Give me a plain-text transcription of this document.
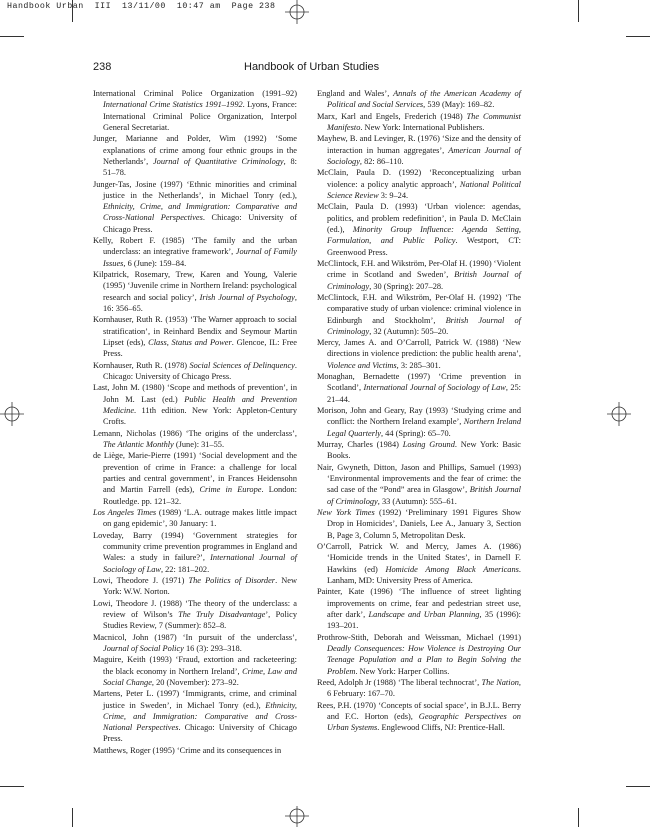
Handbook Urban  III  13/11/00  10:47 am  Page 238
238	Handbook of Urban Studies

International Criminal Police Organization (1991–92) International Crime Statistics 1991–1992. Lyons, France: International Criminal Police Organization, Interpol General Secretariat.

Junger, Marianne and Polder, Wim (1992) ‘Some explanations of crime among four ethnic groups in the Netherlands’, Journal of Quantitative Criminology, 8: 51–78.

Junger-Tas, Josine (1997) ‘Ethnic minorities and criminal justice in the Netherlands’, in Michael Tonry (ed.), Ethnicity, Crime, and Immigration: Comparative and Cross-National Perspectives. Chicago: University of Chicago Press.

Kelly, Robert F. (1985) ‘The family and the urban underclass: an integrative framework’, Journal of Family Issues, 6 (June): 159–84.

Kilpatrick, Rosemary, Trew, Karen and Young, Valerie (1995) ‘Juvenile crime in Northern Ireland: psychological research and social policy’, Irish Journal of Psychology, 16: 356–65.

Kornhauser, Ruth R. (1953) ‘The Warner approach to social stratification’, in Reinhard Bendix and Seymour Martin Lipset (eds), Class, Status and Power. Glencoe, IL: Free Press.

Kornhauser, Ruth R. (1978) Social Sciences of Delinquency. Chicago: University of Chicago Press.

Last, John M. (1980) ‘Scope and methods of prevention’, in John M. Last (ed.) Public Health and Prevention Medicine. 11th edition. New York: Appleton-Century Crofts.

Lemann, Nicholas (1986) ‘The origins of the underclass’, The Atlantic Monthly (June): 31–55.

de Liège, Marie-Pierre (1991) ‘Social development and the prevention of crime in France: a challenge for local parties and central government’, in Frances Heidensohn and Martin Farrell (eds), Crime in Europe. London: Routledge. pp. 121–32.

Los Angeles Times (1989) ‘L.A. outrage makes little impact on gang epidemic’, 30 January: 1.

Loveday, Barry (1994) ‘Government strategies for community crime prevention programmes in England and Wales: a study in failure?’, International Journal of Sociology of Law, 22: 181–202.

Lowi, Theodore J. (1971) The Politics of Disorder. New York: W.W. Norton.

Lowi, Theodore J. (1988) ‘The theory of the underclass: a review of Wilson’s The Truly Disadvantage’, Policy Studies Review, 7 (Summer): 852–8.

Macnicol, John (1987) ‘In pursuit of the underclass’, Journal of Social Policy 16 (3): 293–318.

Maguire, Keith (1993) ‘Fraud, extortion and racketeering: the black economy in Northern Ireland’, Crime, Law and Social Change, 20 (November): 273–92.

Martens, Peter L. (1997) ‘Immigrants, crime, and criminal justice in Sweden’, in Michael Tonry (ed.), Ethnicity, Crime, and Immigration: Comparative and Cross-National Perspectives. Chicago: University of Chicago Press.

Matthews, Roger (1995) ‘Crime and its consequences in

England and Wales’, Annals of the American Academy of Political and Social Services, 539 (May): 169–82.

Marx, Karl and Engels, Frederich (1948) The Communist Manifesto. New York: International Publishers.

Mayhew, B. and Levinger, R. (1976) ‘Size and the density of interaction in human aggregates’, American Journal of Sociology, 82: 86–110.

McClain, Paula D. (1992) ‘Reconceptualizing urban violence: a policy analytic approach’, National Political Science Review 3: 9–24.

McClain, Paula D. (1993) ‘Urban violence: agendas, politics, and problem redefinition’, in Paula D. McClain (ed.), Minority Group Influence: Agenda Setting, Formulation, and Public Policy. Westport, CT: Greenwood Press.

McClintock, F.H. and Wikström, Per-Olaf H. (1990) ‘Violent crime in Scotland and Sweden’, British Journal of Criminology, 30 (Spring): 207–28.

McClintock, F.H. and Wikström, Per-Olaf H. (1992) ‘The comparative study of urban violence: criminal violence in Edinburgh and Stockholm’, British Journal of Criminology, 32 (Autumn): 505–20.

Mercy, James A. and O’Carroll, Patrick W. (1988) ‘New directions in violence prediction: the public health arena’, Violence and Victims, 3: 285–301.

Monaghan, Bernadette (1997) ‘Crime prevention in Scotland’, International Journal of Sociology of Law, 25: 21–44.

Morison, John and Geary, Ray (1993) ‘Studying crime and conflict: the Northern Ireland example’, Northern Ireland Legal Quarterly, 44 (Spring): 65–70.

Murray, Charles (1984) Losing Ground. New York: Basic Books.

Nair, Gwyneth, Ditton, Jason and Phillips, Samuel (1993) ‘Environmental improvements and the fear of crime: the sad case of the “Pond” area in Glasgow’, British Journal of Criminology, 33 (Autumn): 555–61.

New York Times (1992) ‘Preliminary 1991 Figures Show Drop in Homicides’, Daniels, Lee A., January 3, Section B, Page 3, Column 5, Metropolitan Desk.

O’Carroll, Patrick W. and Mercy, James A. (1986) ‘Homicide trends in the United States’, in Darnell F. Hawkins (ed) Homicide Among Black Americans. Lanham, MD: University Press of America.

Painter, Kate (1996) ‘The influence of street lighting improvements on crime, fear and pedestrian street use, after dark’, Landscape and Urban Planning, 35 (1996): 193–201.

Prothrow-Stith, Deborah and Weissman, Michael (1991) Deadly Consequences: How Violence is Destroying Our Teenage Population and a Plan to Begin Solving the Problem. New York: Harper Collins.

Reed, Adolph Jr (1988) ‘The liberal technocrat’, The Nation, 6 February: 167–70.

Rees, P.H. (1970) ‘Concepts of social space’, in B.J.L. Berry and F.C. Horton (eds), Geographic Perspectives on Urban Systems. Englewood Cliffs, NJ: Prentice-Hall.
